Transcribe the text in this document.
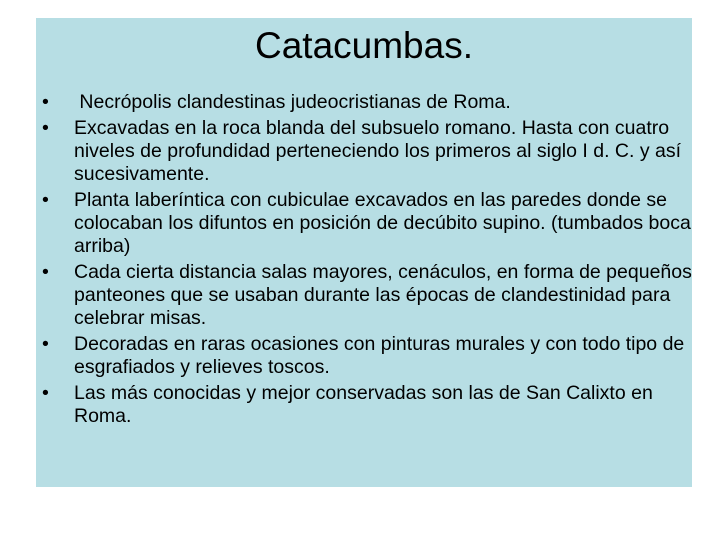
Catacumbas.
•	Necrópolis clandestinas judeocristianas de Roma.
•	Excavadas en la roca blanda del subsuelo romano. Hasta con cuatro niveles de profundidad perteneciendo los primeros al siglo I d. C. y así sucesivamente.
•	Planta laberíntica con cubiculae excavados en las paredes donde se colocaban los difuntos en posición de decúbito supino. (tumbados boca arriba)
•	Cada cierta distancia salas mayores, cenáculos, en forma de pequeños panteones que se usaban durante las épocas de clandestinidad para celebrar misas.
•	Decoradas en raras ocasiones con pinturas murales y con todo tipo de esgrafiados y relieves toscos.
•	Las más conocidas y mejor conservadas son las de San Calixto en Roma.
